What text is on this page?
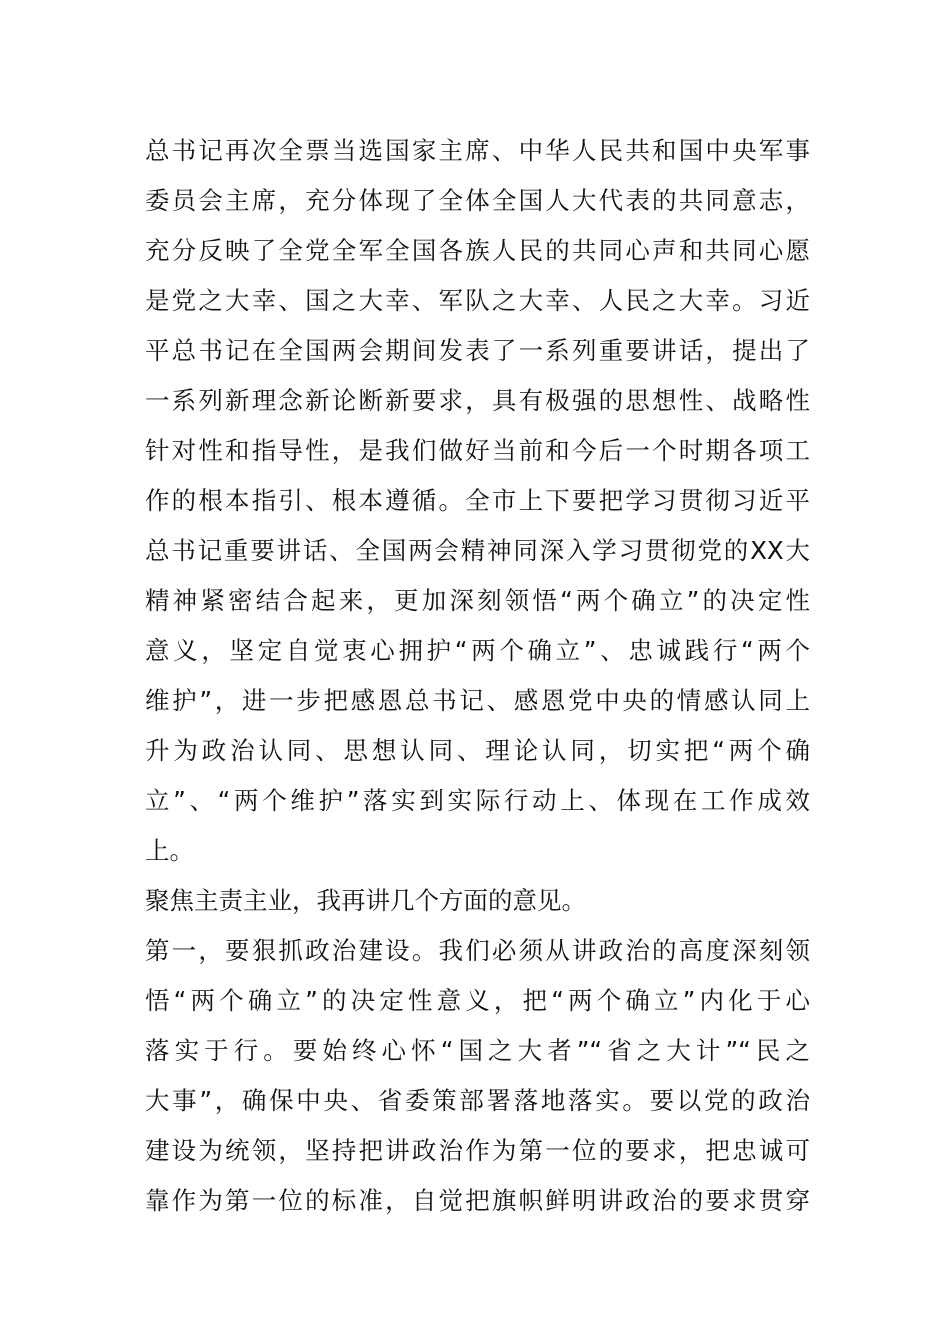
总书记再次全票当选国家主席、中华人民共和国中央军事
委员会主席，充分体现了全体全国人大代表的共同意志，
充分反映了全党全军全国各族人民的共同心声和共同心愿
是党之大幸、国之大幸、军队之大幸、人民之大幸。习近
平总书记在全国两会期间发表了一系列重要讲话，提出了
一系列新理念新论断新要求，具有极强的思想性、战略性
针对性和指导性，是我们做好当前和今后一个时期各项工
作的根本指引、根本遵循。全市上下要把学习贯彻习近平
总书记重要讲话、全国两会精神同深入学习贯彻党的XX大
精神紧密结合起来，更加深刻领悟“两个确立”的决定性
意义，坚定自觉衷心拥护“两个确立”、忠诚践行“两个
维护”，进一步把感恩总书记、感恩党中央的情感认同上
升为政治认同、思想认同、理论认同，切实把“两个确
立”、“两个维护”落实到实际行动上、体现在工作成效
上。
聚焦主责主业，我再讲几个方面的意见。
第一，要狠抓政治建设。我们必须从讲政治的高度深刻领
悟“两个确立”的决定性意义，把“两个确立”内化于心
落实于行。要始终心怀“国之大者”“省之大计”“民之
大事”，确保中央、省委策部署落地落实。要以党的政治
建设为统领，坚持把讲政治作为第一位的要求，把忠诚可
靠作为第一位的标准，自觉把旗帜鲜明讲政治的要求贯穿
